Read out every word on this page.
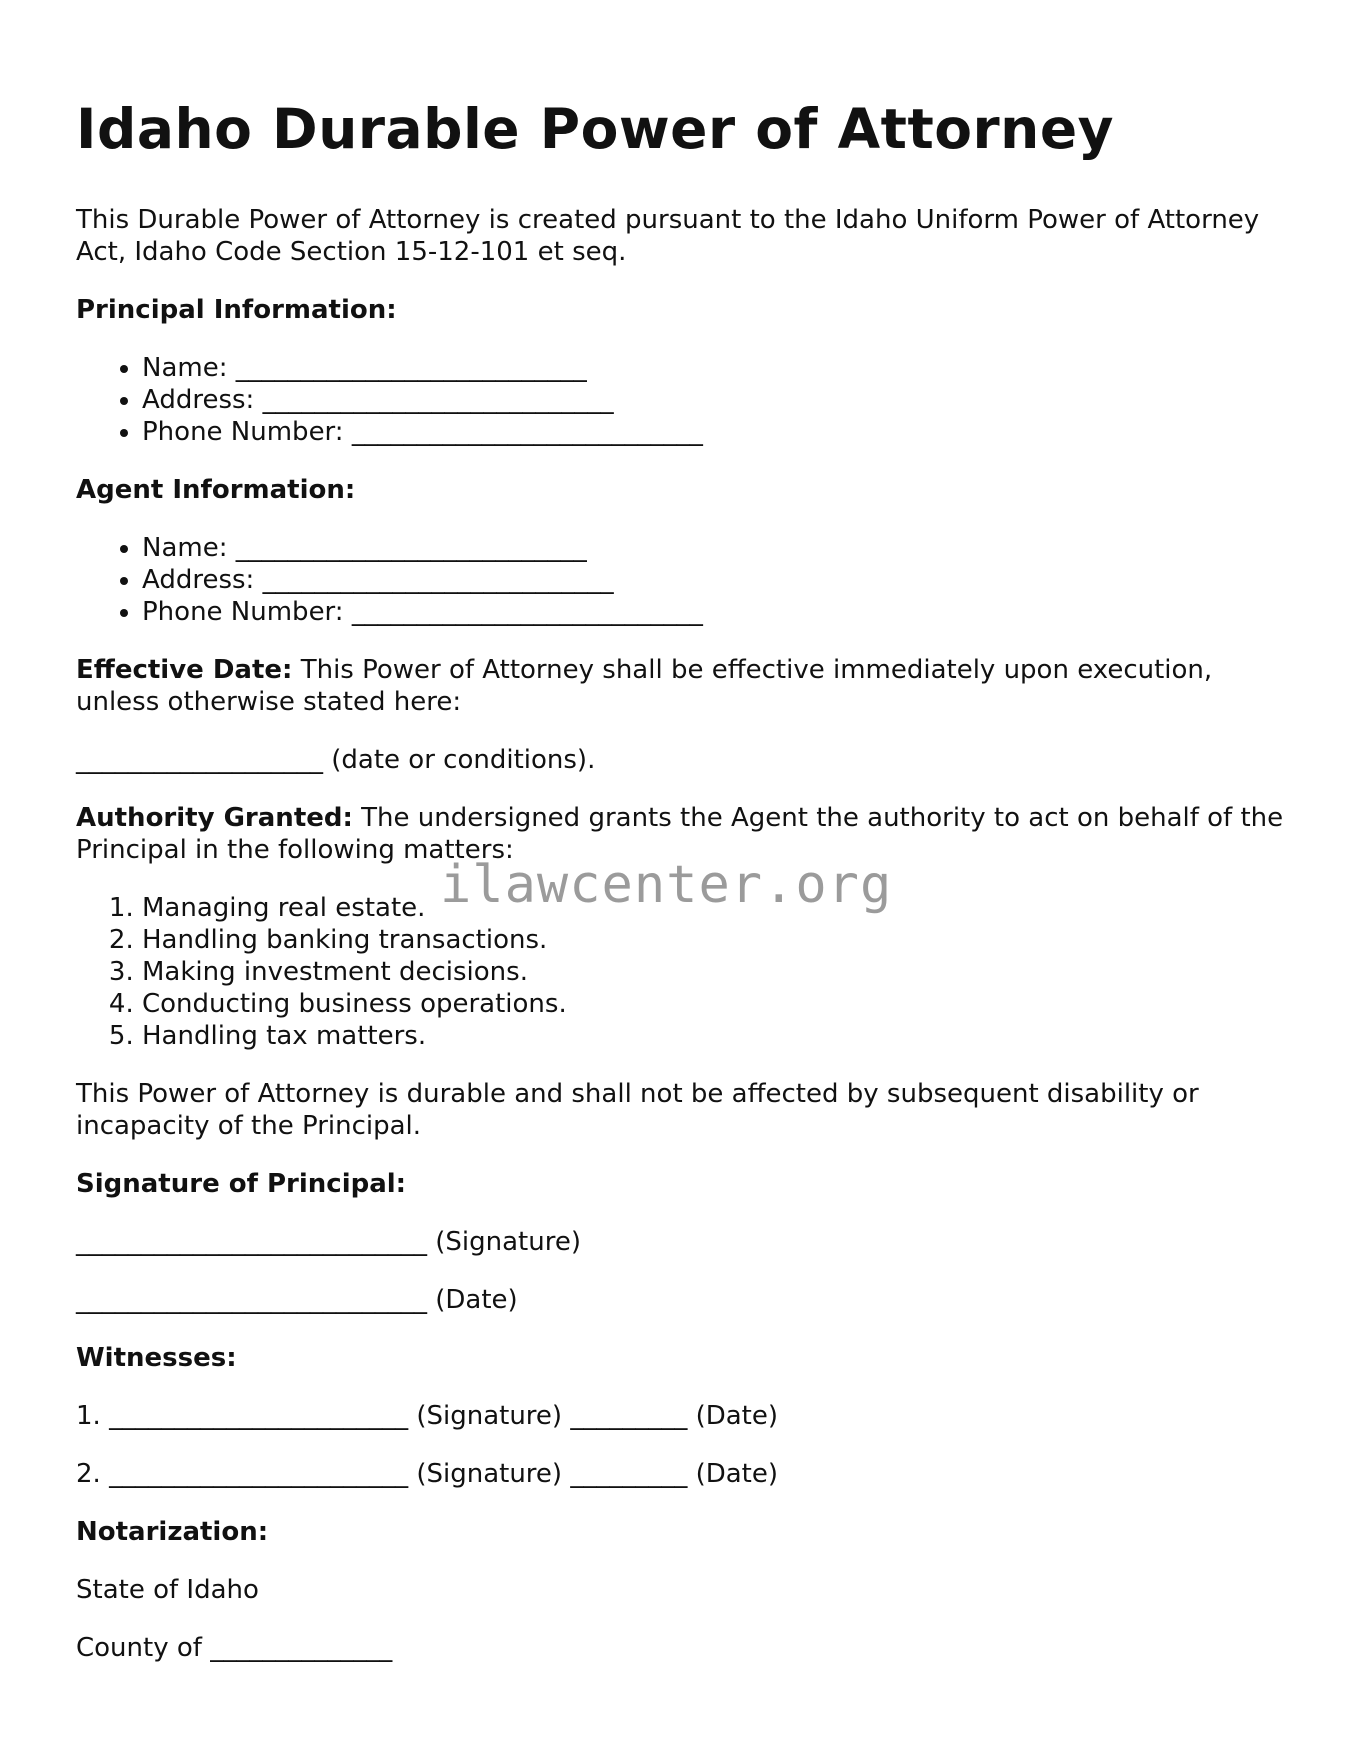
Idaho Durable Power of Attorney

This Durable Power of Attorney is created pursuant to the Idaho Uniform Power of Attorney Act, Idaho Code Section 15-12-101 et seq.

Principal Information:
• Name: ___________________________
• Address: ___________________________
• Phone Number: ___________________________
Agent Information:
• Name: ___________________________
• Address: ___________________________
• Phone Number: ___________________________

Effective Date: This Power of Attorney shall be effective immediately upon execution, unless otherwise stated here:

___________________ (date or conditions).

Authority Granted: The undersigned grants the Agent the authority to act on behalf of the Principal in the following matters:

1. Managing real estate.
2. Handling banking transactions.
3. Making investment decisions.
4. Conducting business operations.
5. Handling tax matters.

This Power of Attorney is durable and shall not be affected by subsequent disability or incapacity of the Principal.

Signature of Principal:

___________________________ (Signature)

___________________________ (Date)

Witnesses:

1. _______________________ (Signature) _________ (Date)

2. _______________________ (Signature) _________ (Date)

Notarization:

State of Idaho

County of ______________

ilawcenter.org
